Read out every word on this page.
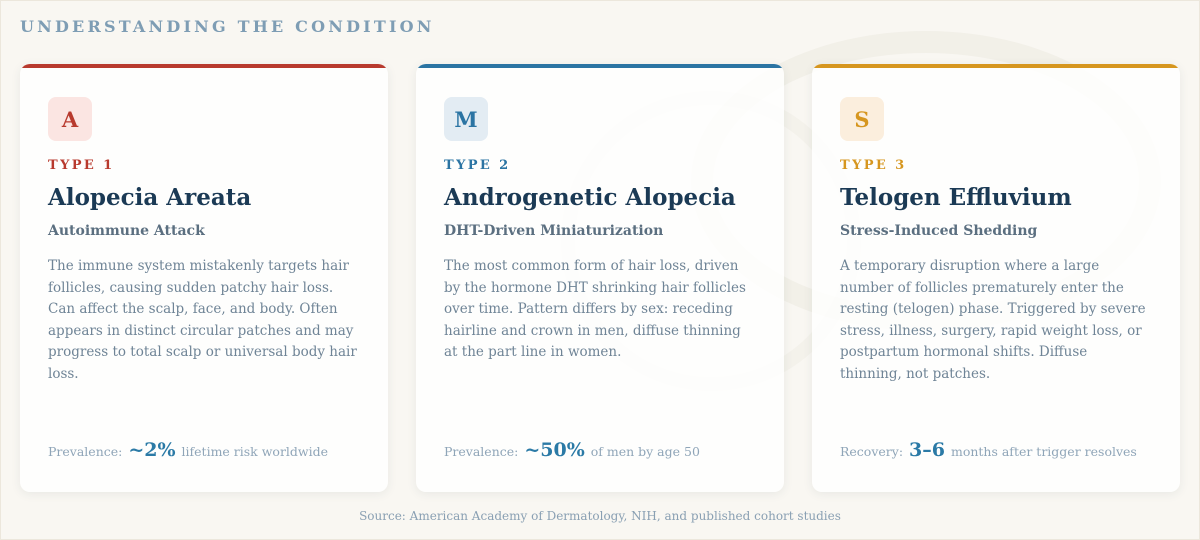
UNDERSTANDING THE CONDITION
A
TYPE 1
Alopecia Areata
Autoimmune Attack

The immune system mistakenly targets hair follicles, causing sudden patchy hair loss. Can affect the scalp, face, and body. Often appears in distinct circular patches and may progress to total scalp or universal body hair loss.

Prevalence: ~2% lifetime risk worldwide
M
TYPE 2
Androgenetic Alopecia
DHT-Driven Miniaturization

The most common form of hair loss, driven by the hormone DHT shrinking hair follicles over time. Pattern differs by sex: receding hairline and crown in men, diffuse thinning at the part line in women.

Prevalence: ~50% of men by age 50
S
TYPE 3
Telogen Effluvium
Stress-Induced Shedding

A temporary disruption where a large number of follicles prematurely enter the resting (telogen) phase. Triggered by severe stress, illness, surgery, rapid weight loss, or postpartum hormonal shifts. Diffuse thinning, not patches.

Recovery: 3–6 months after trigger resolves
Source: American Academy of Dermatology, NIH, and published cohort studies
